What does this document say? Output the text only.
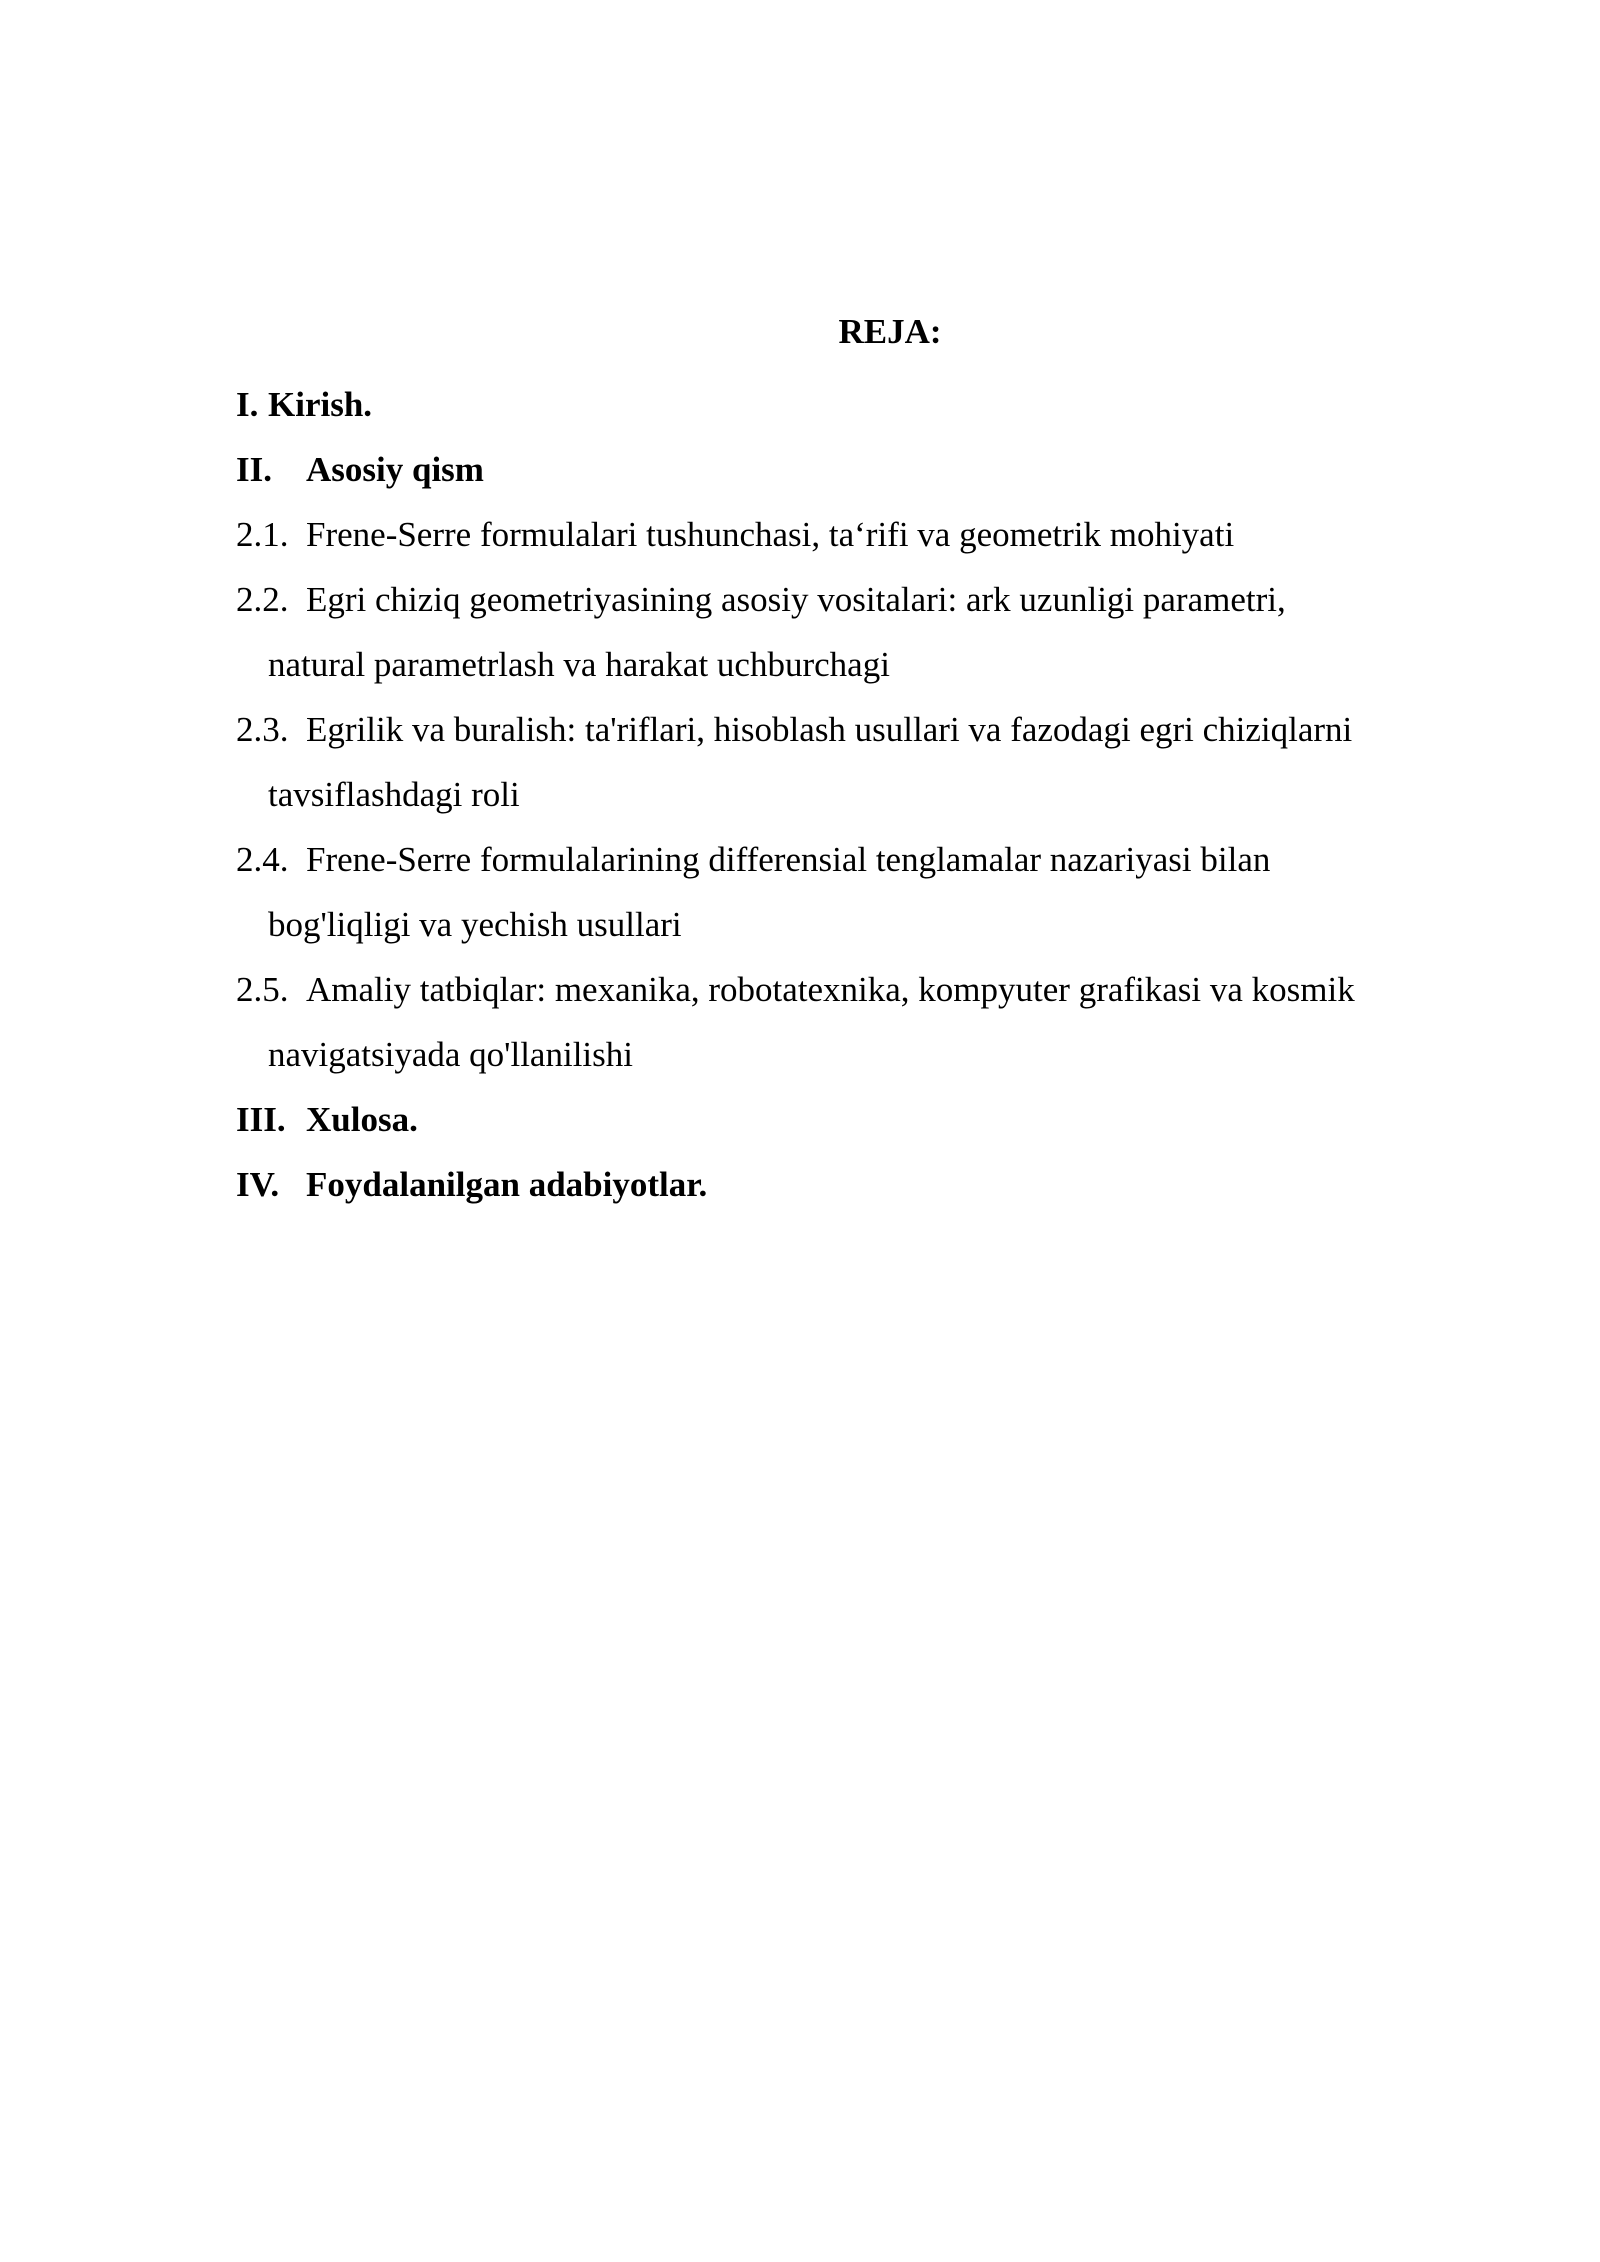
REJA:
I. Kirish.
II. Asosiy qism
2.1. Frene-Serre formulalari tushunchasi, ta‘rifi va geometrik mohiyati
2.2. Egri chiziq geometriyasining asosiy vositalari: ark uzunligi parametri,
natural parametrlash va harakat uchburchagi
2.3. Egrilik va buralish: ta'riflari, hisoblash usullari va fazodagi egri chiziqlarni
tavsiflashdagi roli
2.4. Frene-Serre formulalarining differensial tenglamalar nazariyasi bilan
bog'liqligi va yechish usullari
2.5. Amaliy tatbiqlar: mexanika, robotatexnika, kompyuter grafikasi va kosmik
navigatsiyada qo'llanilishi
III. Xulosa.
IV. Foydalanilgan adabiyotlar.
